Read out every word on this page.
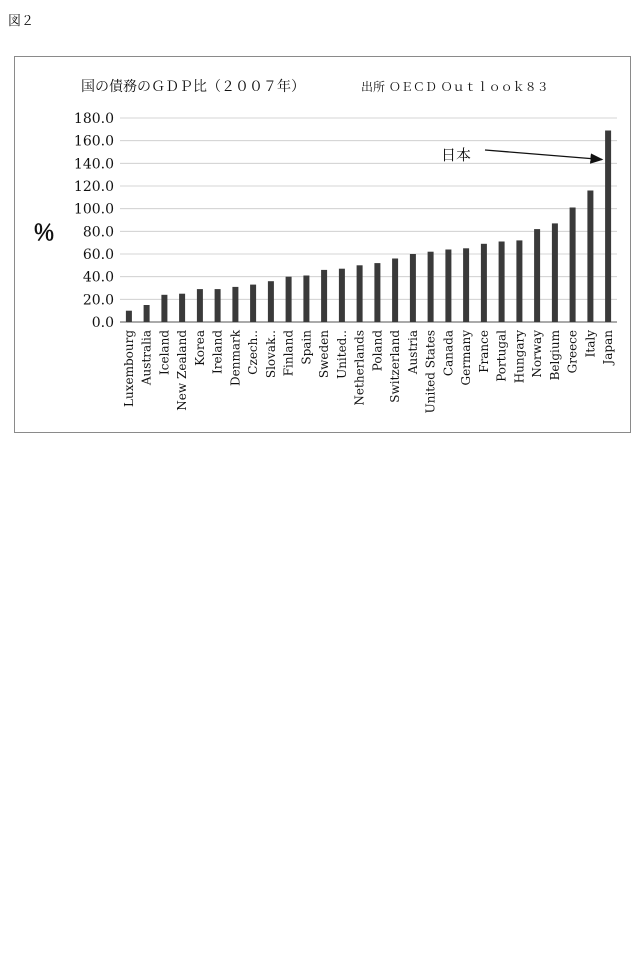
図２
国の債務のＧＤＰ比（２００７年）	出所 ＯＥＣＤ Ｏｕｔｌｏｏｋ８３
％
0.0
20.0
40.0
60.0
80.0
100.0
120.0
140.0
160.0
180.0
Luxembourg Australia Iceland New Zealand Korea Ireland Denmark Czech.. Slovak.. Finland Spain Sweden United.. Netherlands Poland Switzerland Austria United States Canada Germany France Portugal Hungary Norway Belgium Greece Italy Japan
日本
